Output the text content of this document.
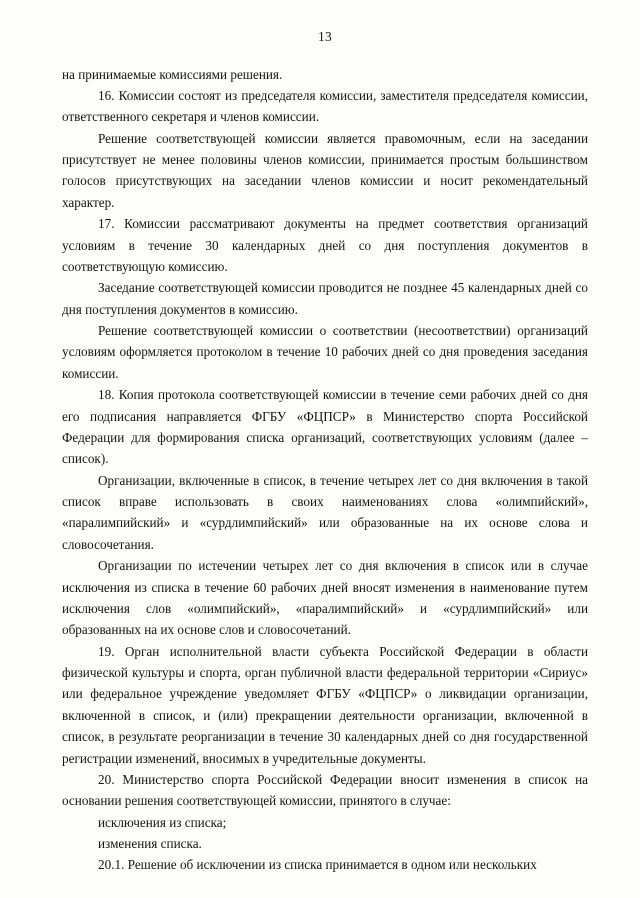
13

на принимаемые комиссиями решения.

16. Комиссии состоят из председателя комиссии, заместителя председателя комиссии, ответственного секретаря и членов комиссии.

Решение соответствующей комиссии является правомочным, если на заседании присутствует не менее половины членов комиссии, принимается простым большинством голосов присутствующих на заседании членов комиссии и носит рекомендательный характер.

17. Комиссии рассматривают документы на предмет соответствия организаций условиям в течение 30 календарных дней со дня поступления документов в соответствующую комиссию.

Заседание соответствующей комиссии проводится не позднее 45 календарных дней со дня поступления документов в комиссию.

Решение соответствующей комиссии о соответствии (несоответствии) организаций условиям оформляется протоколом в течение 10 рабочих дней со дня проведения заседания комиссии.

18. Копия протокола соответствующей комиссии в течение семи рабочих дней со дня его подписания направляется ФГБУ «ФЦПСР» в Министерство спорта Российской Федерации для формирования списка организаций, соответствующих условиям (далее – список).

Организации, включенные в список, в течение четырех лет со дня включения в такой список вправе использовать в своих наименованиях слова «олимпийский», «паралимпийский» и «сурдлимпийский» или образованные на их основе слова и словосочетания.

Организации по истечении четырех лет со дня включения в список или в случае исключения из списка в течение 60 рабочих дней вносят изменения в наименование путем исключения слов «олимпийский», «паралимпийский» и «сурдлимпийский» или образованных на их основе слов и словосочетаний.

19. Орган исполнительной власти субъекта Российской Федерации в области физической культуры и спорта, орган публичной власти федеральной территории «Сириус» или федеральное учреждение уведомляет ФГБУ «ФЦПСР» о ликвидации организации, включенной в список, и (или) прекращении деятельности организации, включенной в список, в результате реорганизации в течение 30 календарных дней со дня государственной регистрации изменений, вносимых в учредительные документы.

20. Министерство спорта Российской Федерации вносит изменения в список на основании решения соответствующей комиссии, принятого в случае:

исключения из списка;

изменения списка.

20.1. Решение об исключении из списка принимается в одном или нескольких
